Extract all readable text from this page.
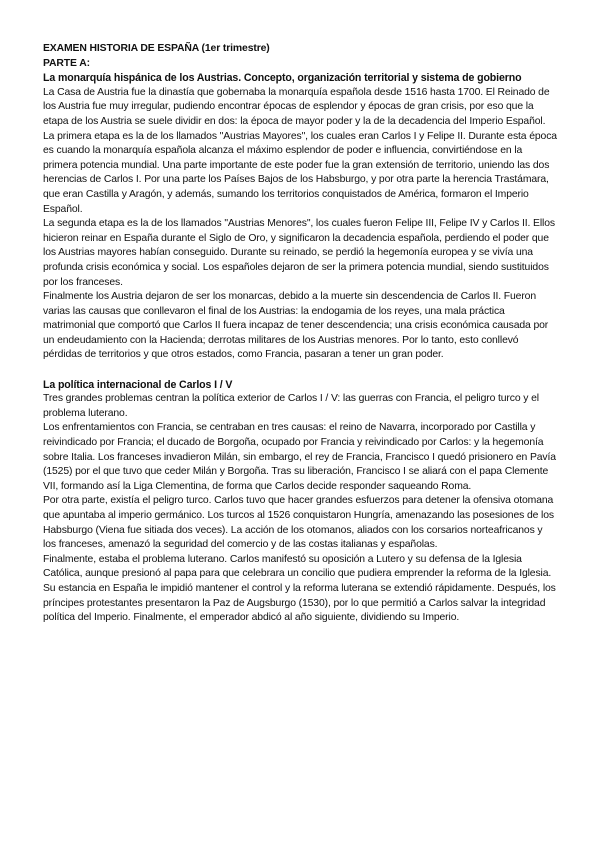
EXAMEN HISTORIA DE ESPAÑA (1er trimestre)
PARTE A:
La monarquía hispánica de los Austrias. Concepto, organización territorial y sistema de gobierno

La Casa de Austria fue la dinastía que gobernaba la monarquía española desde 1516 hasta 1700. El Reinado de los Austria fue muy irregular, pudiendo encontrar épocas de esplendor y épocas de gran crisis, por eso que la etapa de los Austria se suele dividir en dos: la época de mayor poder y la de la decadencia del Imperio Español.

La primera etapa es la de los llamados "Austrias Mayores", los cuales eran Carlos I y Felipe II. Durante esta época es cuando la monarquía española alcanza el máximo esplendor de poder e influencia, convirtiéndose en la primera potencia mundial. Una parte importante de este poder fue la gran extensión de territorio, uniendo las dos herencias de Carlos I. Por una parte los Países Bajos de los Habsburgo, y por otra parte la herencia Trastámara, que eran Castilla y Aragón, y además, sumando los territorios conquistados de América, formaron el Imperio Español.

La segunda etapa es la de los llamados "Austrias Menores", los cuales fueron Felipe III, Felipe IV y Carlos II. Ellos hicieron reinar en España durante el Siglo de Oro, y significaron la decadencia española, perdiendo el poder que los Austrias mayores habían conseguido. Durante su reinado, se perdió la hegemonía europea y se vivía una profunda crisis económica y social. Los españoles dejaron de ser la primera potencia mundial, siendo sustituidos por los franceses.

Finalmente los Austria dejaron de ser los monarcas, debido a la muerte sin descendencia de Carlos II. Fueron varias las causas que conllevaron el final de los Austrias: la endogamia de los reyes, una mala práctica matrimonial que comportó que Carlos II fuera incapaz de tener descendencia; una crisis económica causada por un endeudamiento con la Hacienda; derrotas militares de los Austrias menores. Por lo tanto, esto conllevó pérdidas de territorios y que otros estados, como Francia, pasaran a tener un gran poder.

La política internacional de Carlos I / V

Tres grandes problemas centran la política exterior de Carlos I / V: las guerras con Francia, el peligro turco y el problema luterano.

Los enfrentamientos con Francia, se centraban en tres causas: el reino de Navarra, incorporado por Castilla y reivindicado por Francia; el ducado de Borgoña, ocupado por Francia y reivindicado por Carlos: y la hegemonía sobre Italia. Los franceses invadieron Milán, sin embargo, el rey de Francia, Francisco I quedó prisionero en Pavía (1525) por el que tuvo que ceder Milán y Borgoña. Tras su liberación, Francisco I se aliará con el papa Clemente VII, formando así la Liga Clementina, de forma que Carlos decide responder saqueando Roma.

Por otra parte, existía el peligro turco. Carlos tuvo que hacer grandes esfuerzos para detener la ofensiva otomana que apuntaba al imperio germánico. Los turcos al 1526 conquistaron Hungría, amenazando las posesiones de los Habsburgo (Viena fue sitiada dos veces). La acción de los otomanos, aliados con los corsarios norteafricanos y los franceses, amenazó la seguridad del comercio y de las costas italianas y españolas.

Finalmente, estaba el problema luterano. Carlos manifestó su oposición a Lutero y su defensa de la Iglesia Católica, aunque presionó al papa para que celebrara un concilio que pudiera emprender la reforma de la Iglesia. Su estancia en España le impidió mantener el control y la reforma luterana se extendió rápidamente. Después, los príncipes protestantes presentaron la Paz de Augsburgo (1530), por lo que permitió a Carlos salvar la integridad política del Imperio. Finalmente, el emperador abdicó al año siguiente, dividiendo su Imperio.
